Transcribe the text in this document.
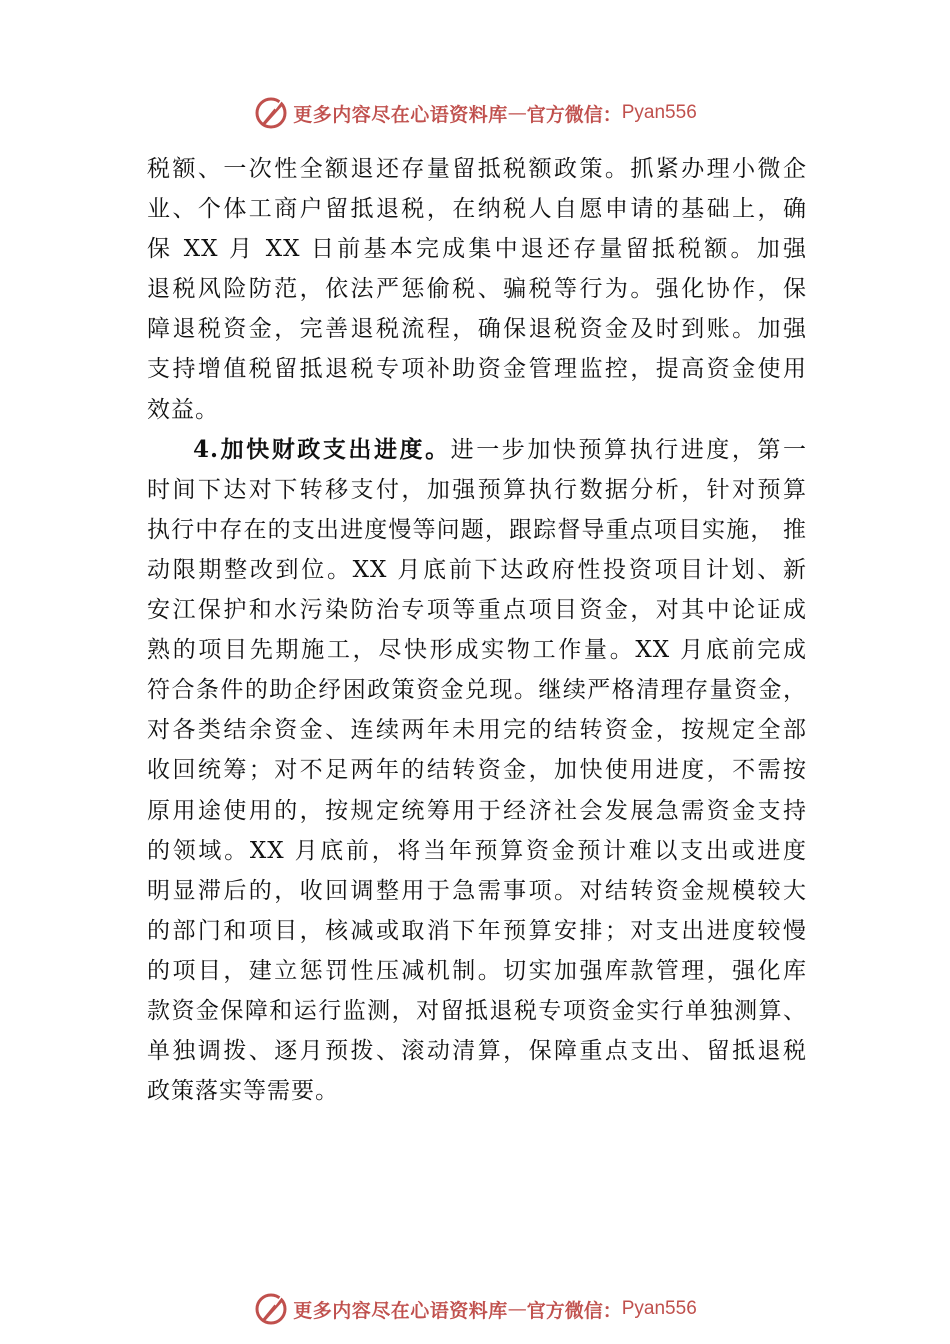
更多内容尽在心语资料库 — 官方微信： Pyan556
税额、一次性全额退还存量留抵税额政策。抓紧办理小微企
业、个体工商户留抵退税，在纳税人自愿申请的基础上，确
保 XX 月 XX 日前基本完成集中退还存量留抵税额。加强
退税风险防范，依法严惩偷税、骗税等行为。强化协作，保
障退税资金，完善退税流程，确保退税资金及时到账。加强
支持增值税留抵退税专项补助资金管理监控，提高资金使用
效益。
4.加快财政支出进度。进一步加快预算执行进度，第一
时间下达对下转移支付，加强预算执行数据分析，针对预算
执行中存在的支出进度慢等问题，跟踪督导重点项目实施， 推
动限期整改到位。XX 月底前下达政府性投资项目计划、新
安江保护和水污染防治专项等重点项目资金，对其中论证成
熟的项目先期施工，尽快形成实物工作量。XX 月底前完成
符合条件的助企纾困政策资金兑现。继续严格清理存量资金，
对各类结余资金、连续两年未用完的结转资金，按规定全部
收回统筹；对不足两年的结转资金，加快使用进度，不需按
原用途使用的，按规定统筹用于经济社会发展急需资金支持
的领域。XX 月底前，将当年预算资金预计难以支出或进度
明显滞后的，收回调整用于急需事项。对结转资金规模较大
的部门和项目，核减或取消下年预算安排；对支出进度较慢
的项目，建立惩罚性压减机制。切实加强库款管理，强化库
款资金保障和运行监测，对留抵退税专项资金实行单独测算、
单独调拨、逐月预拨、滚动清算，保障重点支出、留抵退税
政策落实等需要。
更多内容尽在心语资料库 — 官方微信： Pyan556
